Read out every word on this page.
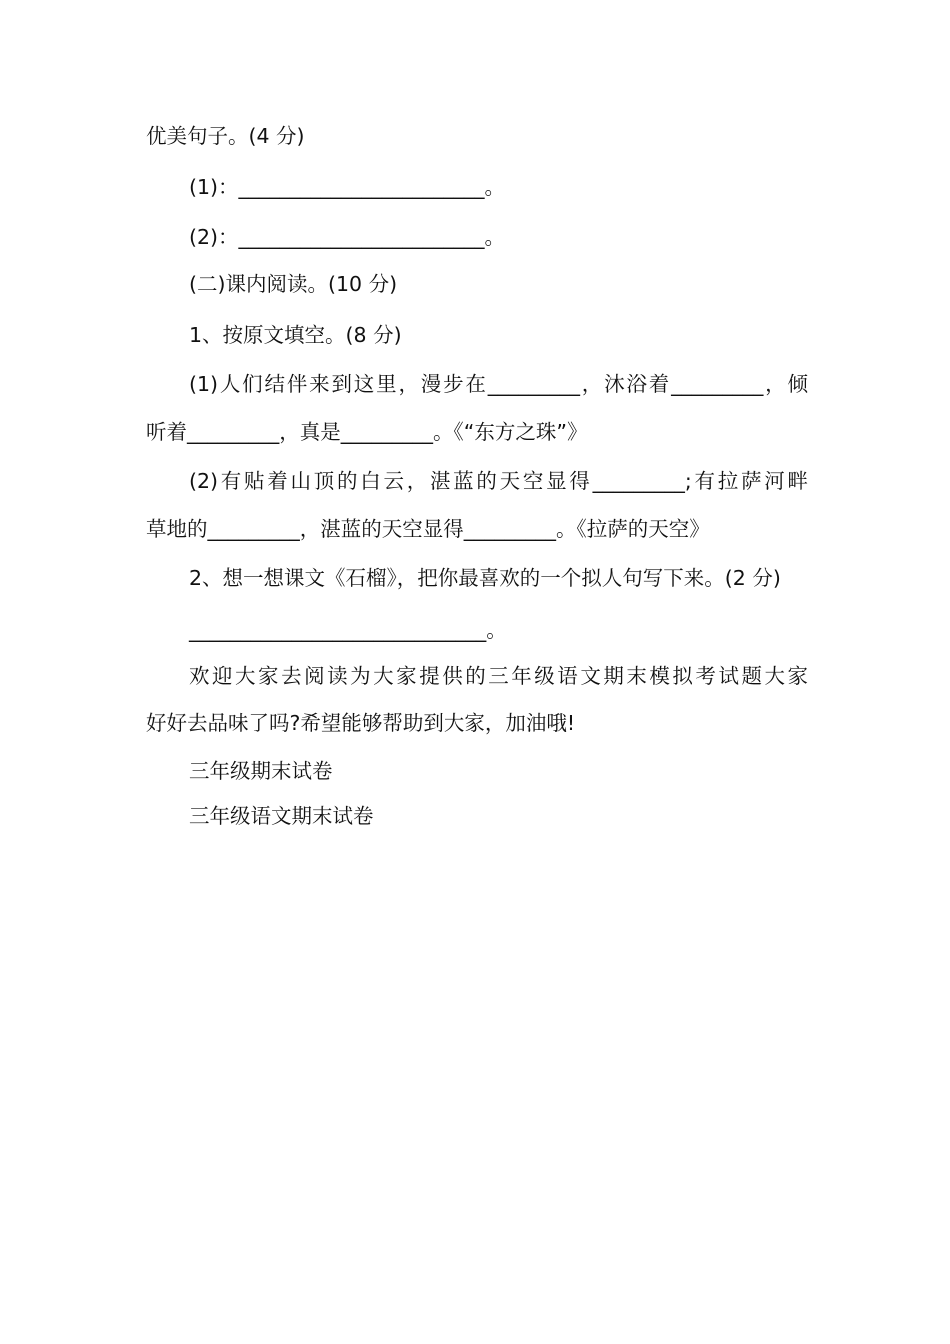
优美句子。(4 分)
(1)：________________________。
(2)：________________________。
(二)课内阅读。(10 分)
1、按原文填空。(8 分)
(1)人们结伴来到这里，漫步在_________，沐浴着_________，倾
听着_________，真是_________。《“东方之珠”》
(2)有贴着山顶的白云，湛蓝的天空显得_________;有拉萨河畔
草地的_________，湛蓝的天空显得_________。《拉萨的天空》
2、想一想课文《石榴》，把你最喜欢的一个拟人句写下来。(2 分)
_____________________________。
欢迎大家去阅读为大家提供的三年级语文期末模拟考试题大家
好好去品味了吗?希望能够帮助到大家，加油哦!
三年级期末试卷
三年级语文期末试卷
